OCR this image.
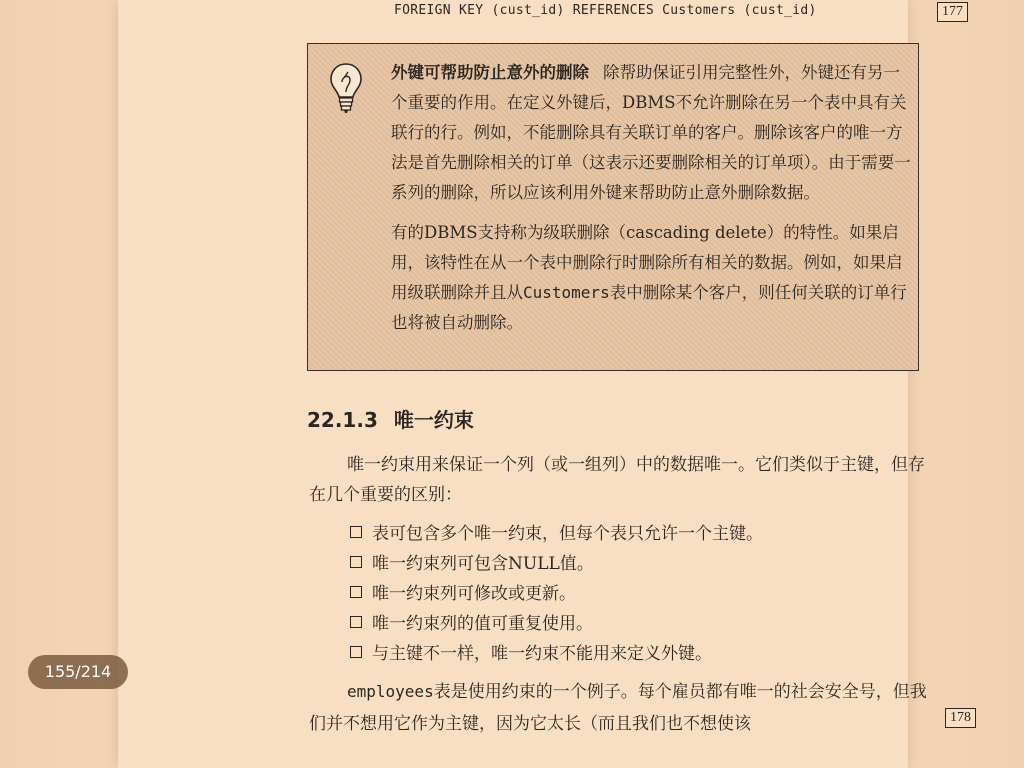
FOREIGN KEY (cust_id) REFERENCES Customers (cust_id)	177
外键可帮助防止意外的删除 除帮助保证引用完整性外，外键还有另一个重要的作用。在定义外键后，DBMS不允许删除在另一个表中具有关联行的行。例如，不能删除具有关联订单的客户。删除该客户的唯一方法是首先删除相关的订单（这表示还要删除相关的订单项）。由于需要一系列的删除，所以应该利用外键来帮助防止意外删除数据。
有的DBMS支持称为级联删除（cascading delete）的特性。如果启用，该特性在从一个表中删除行时删除所有相关的数据。例如，如果启用级联删除并且从Customers表中删除某个客户，则任何关联的订单行也将被自动删除。
22.1.3 唯一约束
唯一约束用来保证一个列（或一组列）中的数据唯一。它们类似于主键，但存在几个重要的区别：
表可包含多个唯一约束，但每个表只允许一个主键。
唯一约束列可包含NULL值。
唯一约束列可修改或更新。
唯一约束列的值可重复使用。
与主键不一样，唯一约束不能用来定义外键。
employees表是使用约束的一个例子。每个雇员都有唯一的社会安全号，但我们并不想用它作为主键，因为它太长（而且我们也不想使该	178
155/214
